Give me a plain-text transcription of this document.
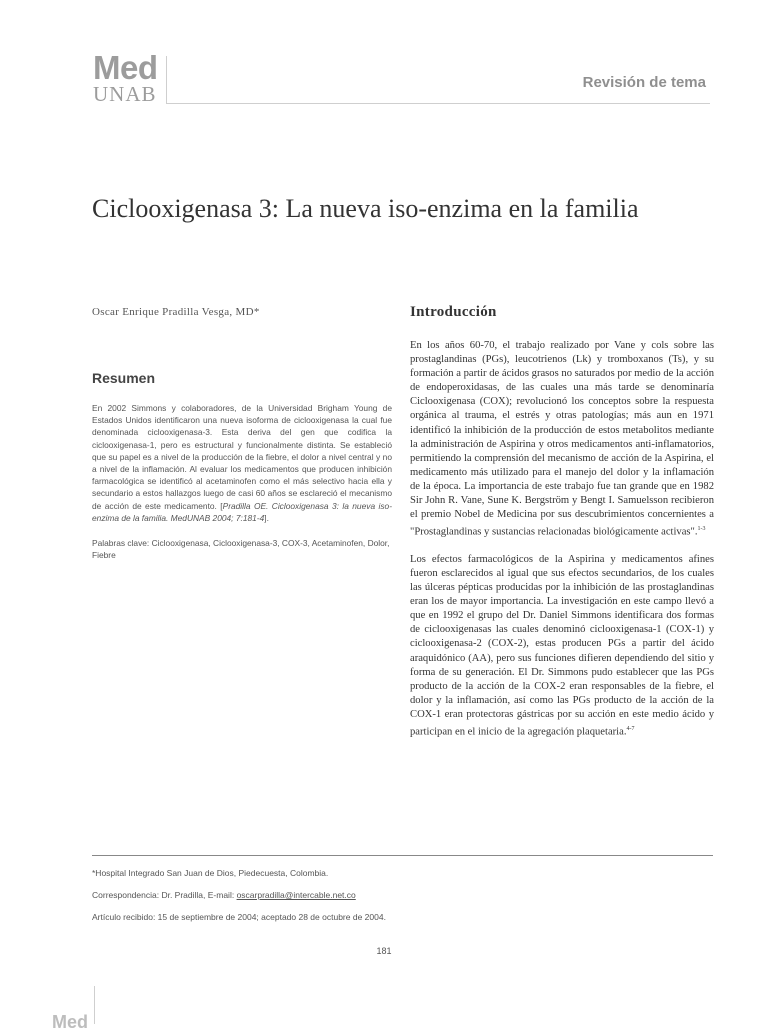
Med
UNAB	Revisión de tema
Ciclooxigenasa 3: La nueva iso-enzima en la familia
Oscar Enrique Pradilla Vesga, MD*
Resumen

En 2002 Simmons y colaboradores, de la Universidad Brigham Young de Estados Unidos identificaron una nueva isoforma de ciclooxigenasa la cual fue denominada ciclooxigenasa-3. Esta deriva del gen que codifica la ciclooxigenasa-1, pero es estructural y funcionalmente distinta. Se estableció que su papel es a nivel de la producción de la fiebre, el dolor a nivel central y no a nivel de la inflamación. Al evaluar los medicamentos que producen inhibición farmacológica se identificó al acetaminofen como el más selectivo hacia ella y secundario a estos hallazgos luego de casi 60 años se esclareció el mecanismo de acción de este medicamento. [Pradilla OE. Ciclooxigenasa 3: la nueva iso-enzima de la familia. MedUNAB 2004; 7:181-4].

Palabras clave: Ciclooxigenasa, Ciclooxigenasa-3, COX-3, Acetaminofen, Dolor, Fiebre
Introducción

En los años 60-70, el trabajo realizado por Vane y cols sobre las prostaglandinas (PGs), leucotrienos (Lk) y tromboxanos (Ts), y su formación a partir de ácidos grasos no saturados por medio de la acción de endoperoxidasas, de las cuales una más tarde se denominaría Ciclooxigenasa (COX); revolucionó los conceptos sobre la respuesta orgánica al trauma, el estrés y otras patologías; más aun en 1971 identificó la inhibición de la producción de estos metabolitos mediante la administración de Aspirina y otros medicamentos anti-inflamatorios, permitiendo la comprensión del mecanismo de acción de la Aspirina, el medicamento más utilizado para el manejo del dolor y la inflamación de la época. La importancia de este trabajo fue tan grande que en 1982 Sir John R. Vane, Sune K. Bergström y Bengt I. Samuelsson recibieron el premio Nobel de Medicina por sus descubrimientos concernientes a "Prostaglandinas y sustancias relacionadas biológicamente activas".$^{1-3}$

Los efectos farmacológicos de la Aspirina y medicamentos afines fueron esclarecidos al igual que sus efectos secundarios, de los cuales las úlceras pépticas producidas por la inhibición de las prostaglandinas eran los de mayor importancia. La investigación en este campo llevó a que en 1992 el grupo del Dr. Daniel Simmons identificara dos formas de ciclooxigenasas las cuales denominó ciclooxigenasa-1 (COX-1) y ciclooxigenasa-2 (COX-2), estas producen PGs a partir del ácido araquidónico (AA), pero sus funciones difieren dependiendo del sitio y forma de su generación. El Dr. Simmons pudo establecer que las PGs producto de la acción de la COX-2 eran responsables de la fiebre, el dolor y la inflamación, así como las PGs producto de la acción de la COX-1 eran protectoras gástricas por su acción en este medio ácido y participan en el inicio de la agregación plaquetaria.$^{4-7}$

*Hospital Integrado San Juan de Dios, Piedecuesta, Colombia.
Correspondencia: Dr. Pradilla, E-mail: oscarpradilla@intercable.net.co
Artículo recibido: 15 de septiembre de 2004; aceptado 28 de octubre de 2004.
181
Med
